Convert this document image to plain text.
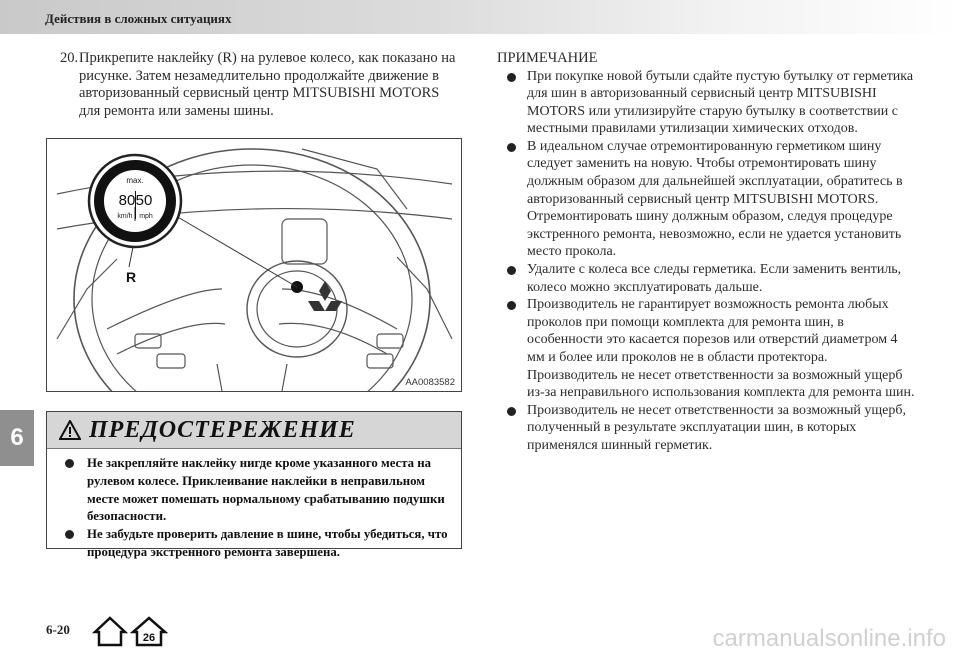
Действия в сложных ситуациях
6
20. Прикрепите наклейку (R) на рулевое колесо, как показано на рисунке. Затем незамедлительно продолжайте движение в авторизованный сервисный центр MITSUBISHI MOTORS для ремонта или замены шины.
max.
80 50
km/h mph
R
AA0083582
ПРЕДОСТЕРЕЖЕНИЕ
Не закрепляйте наклейку нигде кроме указанного места на рулевом колесе. Приклеивание наклейки в неправильном месте может помешать нормальному срабатыванию подушки безопасности.
Не забудьте проверить давление в шине, чтобы убедиться, что процедура экстренного ремонта завершена.
ПРИМЕЧАНИЕ
При покупке новой бутыли сдайте пустую бутылку от герметика для шин в авторизованный сервисный центр MITSUBISHI MOTORS или утилизируйте старую бутылку в соответствии с местными правилами утилизации химических отходов.
В идеальном случае отремонтированную герметиком шину следует заменить на новую. Чтобы отремонтировать шину должным образом для дальнейшей эксплуатации, обратитесь в авторизованный сервисный центр MITSUBISHI MOTORS. Отремонтировать шину должным образом, следуя процедуре экстренного ремонта, невозможно, если не удается установить место прокола.
Удалите с колеса все следы герметика. Если заменить вентиль, колесо можно эксплуатировать дальше.
Производитель не гарантирует возможность ремонта любых проколов при помощи комплекта для ремонта шин, в особенности это касается порезов или отверстий диаметром 4 мм и более или проколов не в области протектора. Производитель не несет ответственности за возможный ущерб из-за неправильного использования комплекта для ремонта шин.
Производитель не несет ответственности за возможный ущерб, полученный в результате эксплуатации шин, в которых применялся шинный герметик.
6-20
26	carmanualsonline.info
